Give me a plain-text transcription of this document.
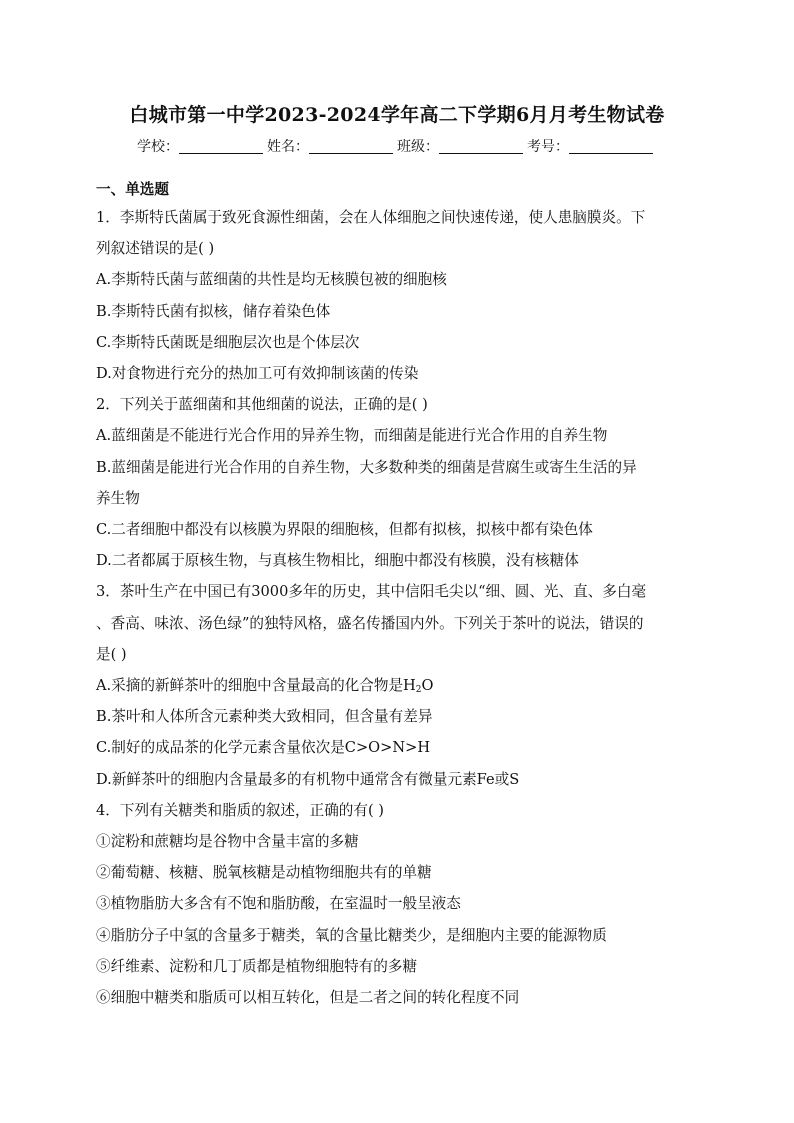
白城市第一中学2023-2024学年高二下学期6月月考生物试卷
学校：	姓名：	班级：	考号：
一、单选题
1．李斯特氏菌属于致死食源性细菌，会在人体细胞之间快速传递，使人患脑膜炎。下
列叙述错误的是( )
A.李斯特氏菌与蓝细菌的共性是均无核膜包被的细胞核
B.李斯特氏菌有拟核，储存着染色体
C.李斯特氏菌既是细胞层次也是个体层次
D.对食物进行充分的热加工可有效抑制该菌的传染
2．下列关于蓝细菌和其他细菌的说法，正确的是( )
A.蓝细菌是不能进行光合作用的异养生物，而细菌是能进行光合作用的自养生物
B.蓝细菌是能进行光合作用的自养生物，大多数种类的细菌是营腐生或寄生生活的异
养生物
C.二者细胞中都没有以核膜为界限的细胞核，但都有拟核，拟核中都有染色体
D.二者都属于原核生物，与真核生物相比，细胞中都没有核膜，没有核糖体
3．茶叶生产在中国已有3000多年的历史，其中信阳毛尖以“细、圆、光、直、多白毫
、香高、味浓、汤色绿”的独特风格，盛名传播国内外。下列关于茶叶的说法，错误的
是( )
A.采摘的新鲜茶叶的细胞中含量最高的化合物是$H_2O$
B.茶叶和人体所含元素种类大致相同，但含量有差异
C.制好的成品茶的化学元素含量依次是C>O>N>H
D.新鲜茶叶的细胞内含量最多的有机物中通常含有微量元素Fe或S
4．下列有关糖类和脂质的叙述，正确的有( )
①淀粉和蔗糖均是谷物中含量丰富的多糖
②葡萄糖、核糖、脱氧核糖是动植物细胞共有的单糖
③植物脂肪大多含有不饱和脂肪酸，在室温时一般呈液态
④脂肪分子中氢的含量多于糖类，氧的含量比糖类少，是细胞内主要的能源物质
⑤纤维素、淀粉和几丁质都是植物细胞特有的多糖
⑥细胞中糖类和脂质可以相互转化，但是二者之间的转化程度不同
